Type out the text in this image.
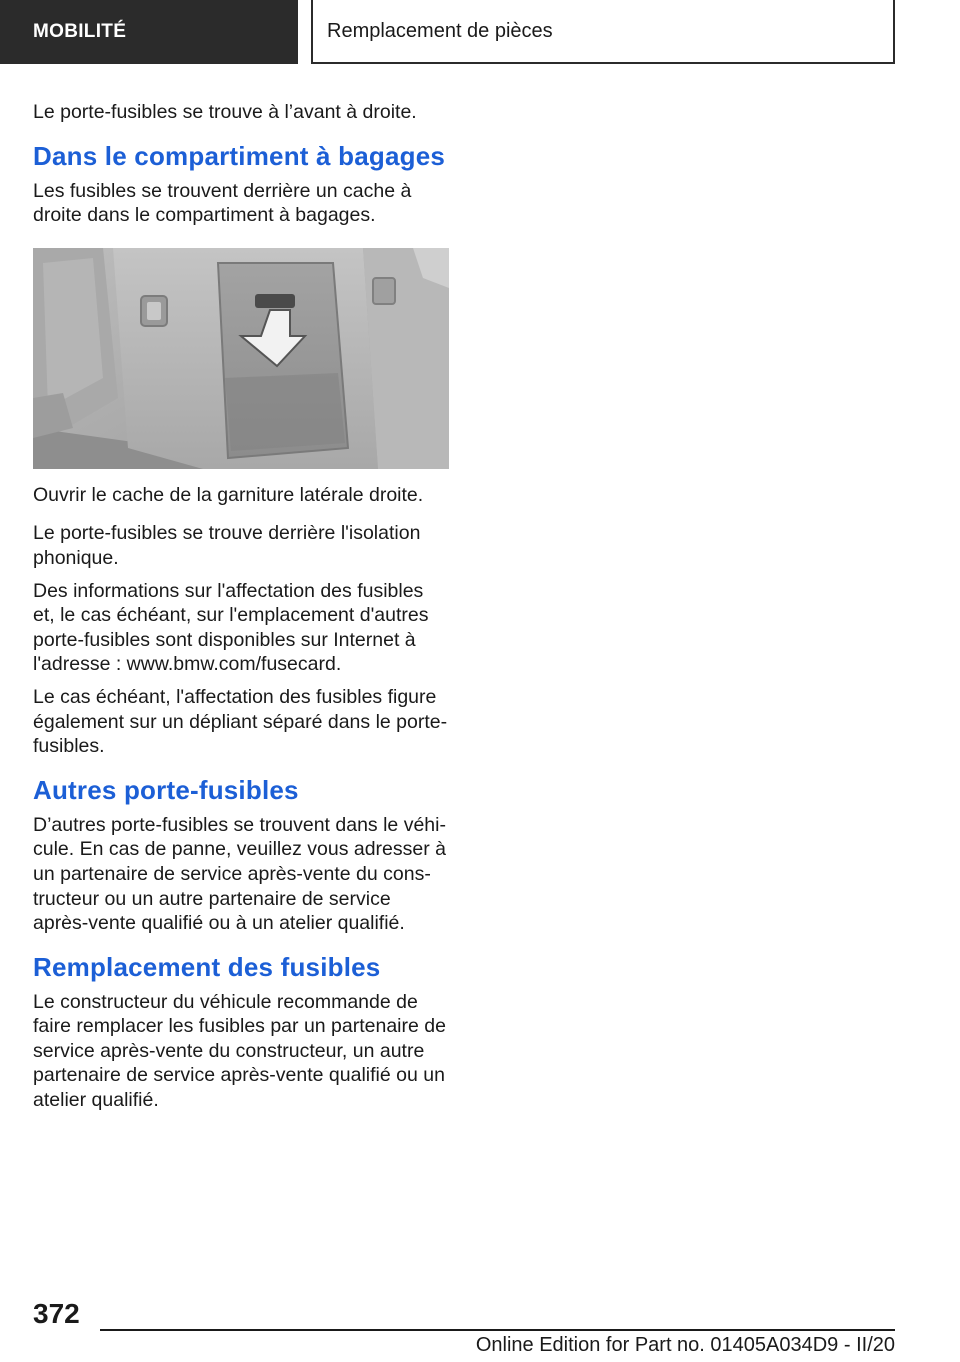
MOBILITÉ	Remplacement de pièces

Le porte-fusibles se trouve à l’avant à droite.

Dans le compartiment à bagages

Les fusibles se trouvent derrière un cache à droite dans le compartiment à bagages.

Ouvrir le cache de la garniture latérale droite.

Le porte-fusibles se trouve derrière l'isolation phonique.

Des informations sur l'affectation des fusibles et, le cas échéant, sur l'emplacement d'autres porte-fusibles sont disponibles sur Internet à l'adresse : www.bmw.com/fusecard.

Le cas échéant, l'affectation des fusibles figure également sur un dépliant séparé dans le porte-fusibles.

Autres porte-fusibles

D’autres porte-fusibles se trouvent dans le véhicule. En cas de panne, veuillez vous adresser à un partenaire de service après-vente du constructeur ou un autre partenaire de service après-vente qualifié ou à un atelier qualifié.

Remplacement des fusibles

Le constructeur du véhicule recommande de faire remplacer les fusibles par un partenaire de service après-vente du constructeur, un autre partenaire de service après-vente qualifié ou un atelier qualifié.

372
Online Edition for Part no. 01405A034D9 - II/20
